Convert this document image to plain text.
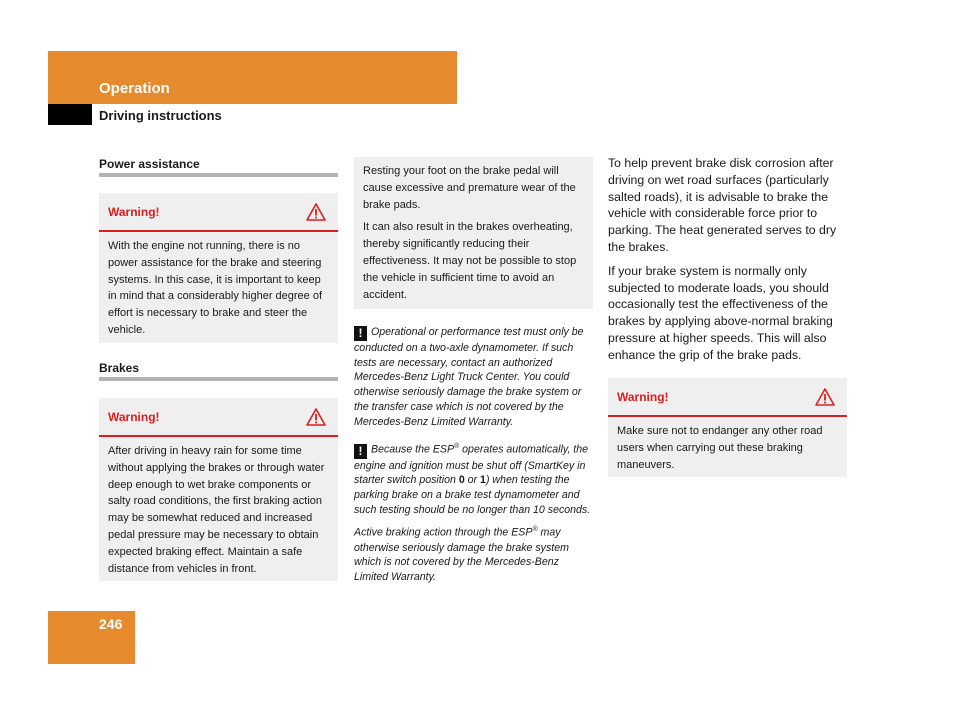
Operation
Driving instructions
Power assistance
Warning!
With the engine not running, there is no power assistance for the brake and steering systems. In this case, it is important to keep in mind that a considerably higher degree of effort is necessary to brake and steer the vehicle.
Brakes
Warning!
After driving in heavy rain for some time without applying the brakes or through water deep enough to wet brake components or salty road conditions, the first braking action may be somewhat reduced and increased pedal pressure may be necessary to obtain expected braking effect. Maintain a safe distance from vehicles in front.

Resting your foot on the brake pedal will cause excessive and premature wear of the brake pads.

It can also result in the brakes overheating, thereby significantly reducing their effectiveness. It may not be possible to stop the vehicle in sufficient time to avoid an accident.

! Operational or performance test must only be conducted on a two-axle dynamometer. If such tests are necessary, contact an authorized Mercedes-Benz Light Truck Center. You could otherwise seriously damage the brake system or the transfer case which is not covered by the Mercedes-Benz Limited Warranty.

! Because the ESP® operates automatically, the engine and ignition must be shut off (SmartKey in starter switch position 0 or 1) when testing the parking brake on a brake test dynamometer and such testing should be no longer than 10 seconds.

Active braking action through the ESP® may otherwise seriously damage the brake system which is not covered by the Mercedes-Benz Limited Warranty.

To help prevent brake disk corrosion after driving on wet road surfaces (particularly salted roads), it is advisable to brake the vehicle with considerable force prior to parking. The heat generated serves to dry the brakes.

If your brake system is normally only subjected to moderate loads, you should occasionally test the effectiveness of the brakes by applying above-normal braking pressure at higher speeds. This will also enhance the grip of the brake pads.

Warning!
Make sure not to endanger any other road users when carrying out these braking maneuvers.
246
